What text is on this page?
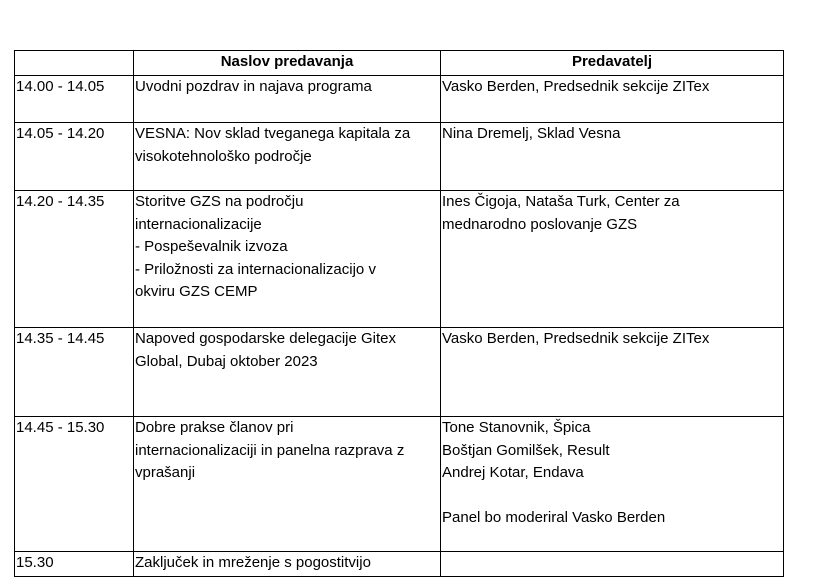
	Naslov predavanja	Predavatelj
14.00 - 14.05	Uvodni pozdrav in najava programa	Vasko Berden, Predsednik sekcije ZITex

14.05 - 14.20	VESNA: Nov sklad tveganega kapitala za
visokotehnološko področje	Nina Dremelj, Sklad Vesna

14.20 - 14.35	Storitve GZS na področju
internacionalizacije
- Pospeševalnik izvoza
- Priložnosti za internacionalizacijo v
okviru GZS CEMP	Ines Čigoja, Nataša Turk, Center za
mednarodno poslovanje GZS

14.35 - 14.45	Napoved gospodarske delegacije Gitex
Global, Dubaj oktober 2023	Vasko Berden, Predsednik sekcije ZITex

14.45 - 15.30	Dobre prakse članov pri
internacionalizaciji in panelna razprava z
vprašanji	Tone Stanovnik, Špica
Boštjan Gomilšek, Result
Andrej Kotar, Endava
Panel bo moderiral Vasko Berden

15.30	Zaključek in mreženje s pogostitvijo	
